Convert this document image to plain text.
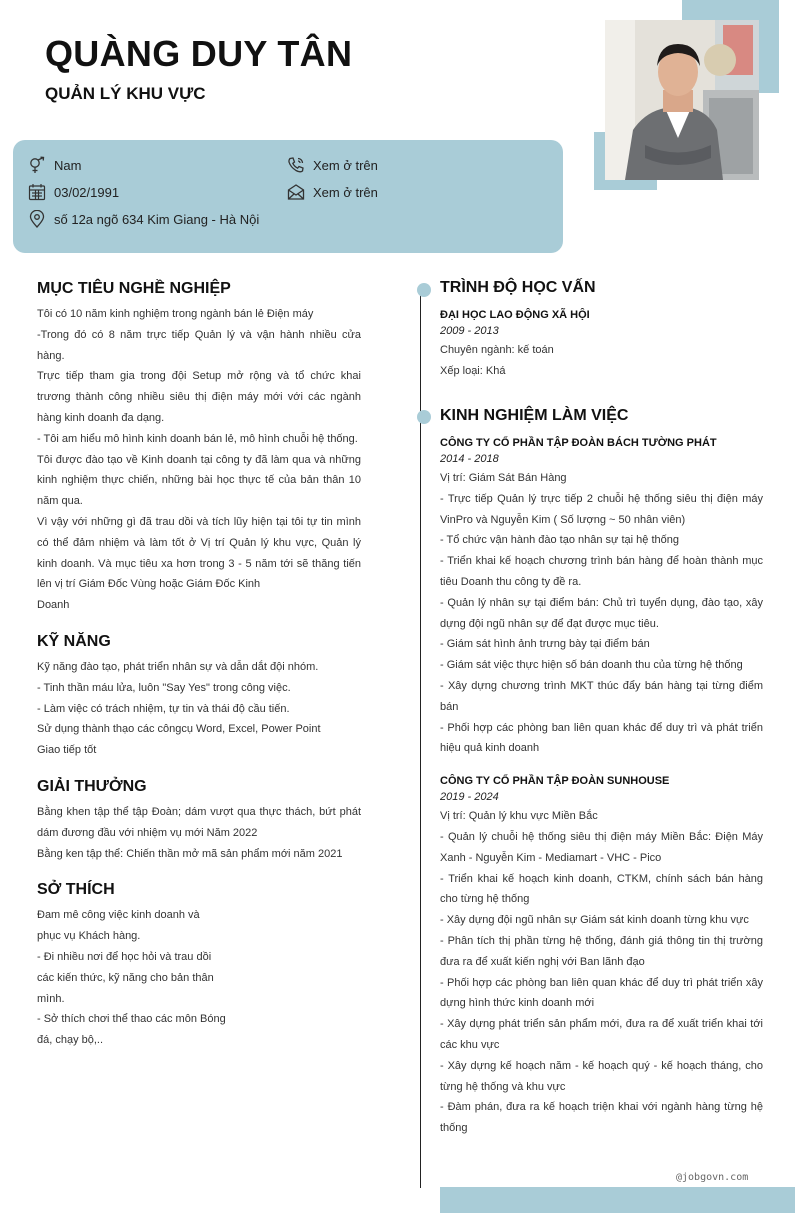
QUÀNG DUY TÂN
QUẢN LÝ KHU VỰC
Nam
03/02/1991
số 12a ngõ 634 Kim Giang - Hà Nội
Xem ở trên
Xem ở trên
MỤC TIÊU NGHỀ NGHIỆP
Tôi có 10 năm kinh nghiệm trong ngành bán lẻ Điện máy
-Trong đó có 8 năm trực tiếp Quản lý và vận hành nhiều cửa hàng.
Trực tiếp tham gia trong đội Setup mở rộng và tổ chức khai trương thành công nhiều siêu thị điện máy mới với các ngành hàng kinh doanh đa dạng.
- Tôi am hiểu mô hình kinh doanh bán lẻ, mô hình chuỗi hệ thống.
Tôi được đào tạo về Kinh doanh tại công ty đã làm qua và những kinh nghiệm thực chiến, những bài học thực tế của bản thân 10 năm qua.
Vì vậy với những gì đã trau dồi và tích lũy hiện tại tôi tự tin mình có thể đảm nhiệm và làm tốt ở Vị trí Quản lý khu vực, Quản lý kinh doanh. Và mục tiêu xa hơn trong 3 - 5 năm tới sẽ thăng tiến lên vị trí Giám Đốc Vùng hoặc Giám Đốc Kinh
Doanh
KỸ NĂNG
Kỹ năng đào tạo, phát triển nhân sự và dẫn dắt đội nhóm.
- Tinh thần máu lửa, luôn "Say Yes" trong công việc.
- Làm việc có trách nhiệm, tự tin và thái độ cầu tiến.
Sử dụng thành thạo các côngcụ Word, Excel, Power Point
Giao tiếp tốt
GIẢI THƯỞNG
Bằng khen tập thể tập Đoàn; dám vượt qua thực thách, bứt phát dám đương đầu với nhiệm vụ mới Năm 2022
Bằng ken tập thể: Chiến thần mở mã sản phẩm mới năm 2021
SỞ THÍCH
Đam mê công việc kinh doanh và
phục vụ Khách hàng.
- Đi nhiều nơi để học hỏi và trau dồi
các kiến thức, kỹ năng cho bản thân
mình.
- Sở thích chơi thể thao các môn Bóng
đá, chạy bộ,..
TRÌNH ĐỘ HỌC VẤN
ĐẠI HỌC LAO ĐỘNG XÃ HỘI
2009 - 2013
Chuyên ngành: kế toán
Xếp loại: Khá
KINH NGHIỆM LÀM VIỆC
CÔNG TY CỔ PHẦN TẬP ĐOÀN BÁCH TƯỜNG PHÁT
2014 - 2018
Vị trí: Giám Sát Bán Hàng
- Trực tiếp Quản lý trực tiếp 2 chuỗi hệ thống siêu thị điện máy VinPro và Nguyễn Kim ( Số lượng ~ 50 nhân viên)
- Tổ chức vận hành đào tạo nhân sự tại hệ thống
- Triển khai kế hoạch chương trình bán hàng để hoàn thành mục tiêu Doanh thu công ty đề ra.
- Quản lý nhân sự tại điểm bán: Chủ trì tuyển dụng, đào tạo, xây dựng đội ngũ nhân sự để đạt được mục tiêu.
- Giám sát hình ảnh trưng bày tại điểm bán
- Giám sát việc thực hiện số bán doanh thu của từng hệ thống
- Xây dựng chương trình MKT thúc đẩy bán hàng tại từng điểm bán
- Phối hợp các phòng ban liên quan khác để duy trì và phát triển hiệu quả kinh doanh
CÔNG TY CỔ PHẦN TẬP ĐOÀN SUNHOUSE
2019 - 2024
Vị trí: Quản lý khu vực Miền Bắc
- Quản lý chuỗi hệ thống siêu thị điện máy Miền Bắc: Điện Máy Xanh - Nguyễn Kim - Mediamart - VHC - Pico
- Triển khai kế hoạch kinh doanh, CTKM, chính sách bán hàng cho từng hệ thống
- Xây dựng đội ngũ nhân sự Giám sát kinh doanh từng khu vực
- Phân tích thị phần từng hệ thống, đánh giá thông tin thị trường đưa ra để xuất kiến nghị với Ban lãnh đạo
- Phối hợp các phòng ban liên quan khác để duy trì phát triển xây dựng hình thức kinh doanh mới
- Xây dựng phát triển sản phẩm mới, đưa ra để xuất triển khai tới các khu vực
- Xây dựng kế hoạch năm - kế hoạch quý - kế hoạch tháng, cho từng hệ thống và khu vực
- Đàm phán, đưa ra kế hoạch triện khai với ngành hàng từng hệ thống
@jobgovn.com
